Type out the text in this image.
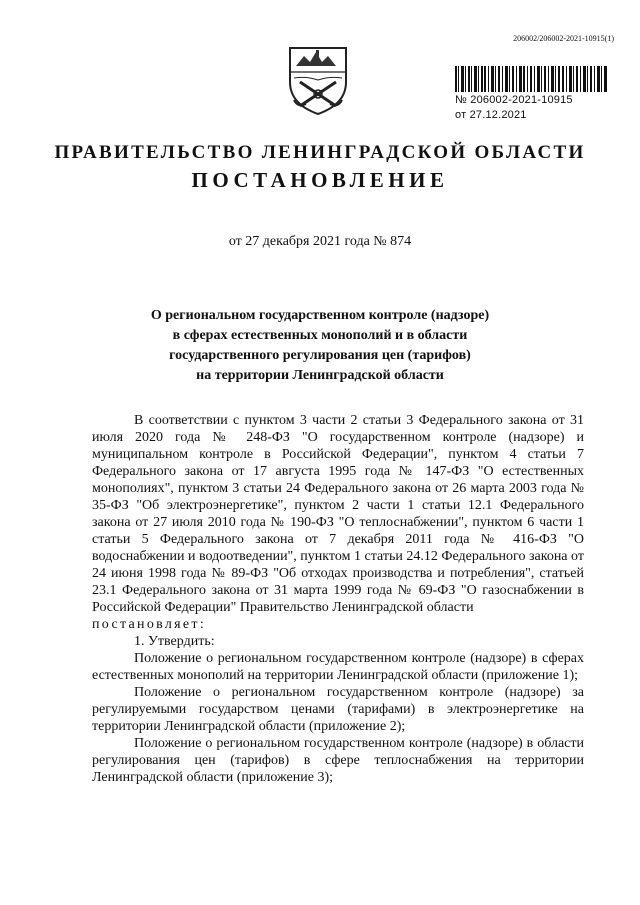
206002/206002-2021-10915(1)
№ 206002-2021-10915
от 27.12.2021
ПРАВИТЕЛЬСТВО ЛЕНИНГРАДСКОЙ ОБЛАСТИ
ПОСТАНОВЛЕНИЕ
от 27 декабря 2021 года № 874
О региональном государственном контроле (надзоре)
в сферах естественных монополий и в области
государственного регулирования цен (тарифов)
на территории Ленинградской области

В соответствии с пунктом 3 части 2 статьи 3 Федерального закона от 31 июля 2020 года № 248-ФЗ "О государственном контроле (надзоре) и муниципальном контроле в Российской Федерации", пунктом 4 статьи 7 Федерального закона от 17 августа 1995 года № 147-ФЗ "О естественных монополиях", пунктом 3 статьи 24 Федерального закона от 26 марта 2003 года № 35-ФЗ "Об электроэнергетике", пунктом 2 части 1 статьи 12.1 Федерального закона от 27 июля 2010 года № 190-ФЗ "О теплоснабжении", пунктом 6 части 1 статьи 5 Федерального закона от 7 декабря 2011 года № 416-ФЗ "О водоснабжении и водоотведении", пунктом 1 статьи 24.12 Федерального закона от 24 июня 1998 года № 89-ФЗ "Об отходах производства и потребления", статьей 23.1 Федерального закона от 31 марта 1999 года № 69-ФЗ "О газоснабжении в Российской Федерации" Правительство Ленинградской области

постановляет:

1. Утвердить:

Положение о региональном государственном контроле (надзоре) в сферах естественных монополий на территории Ленинградской области (приложение 1);

Положение о региональном государственном контроле (надзоре) за регулируемыми государством ценами (тарифами) в электроэнергетике на территории Ленинградской области (приложение 2);

Положение о региональном государственном контроле (надзоре) в области регулирования цен (тарифов) в сфере теплоснабжения на территории Ленинградской области (приложение 3);
